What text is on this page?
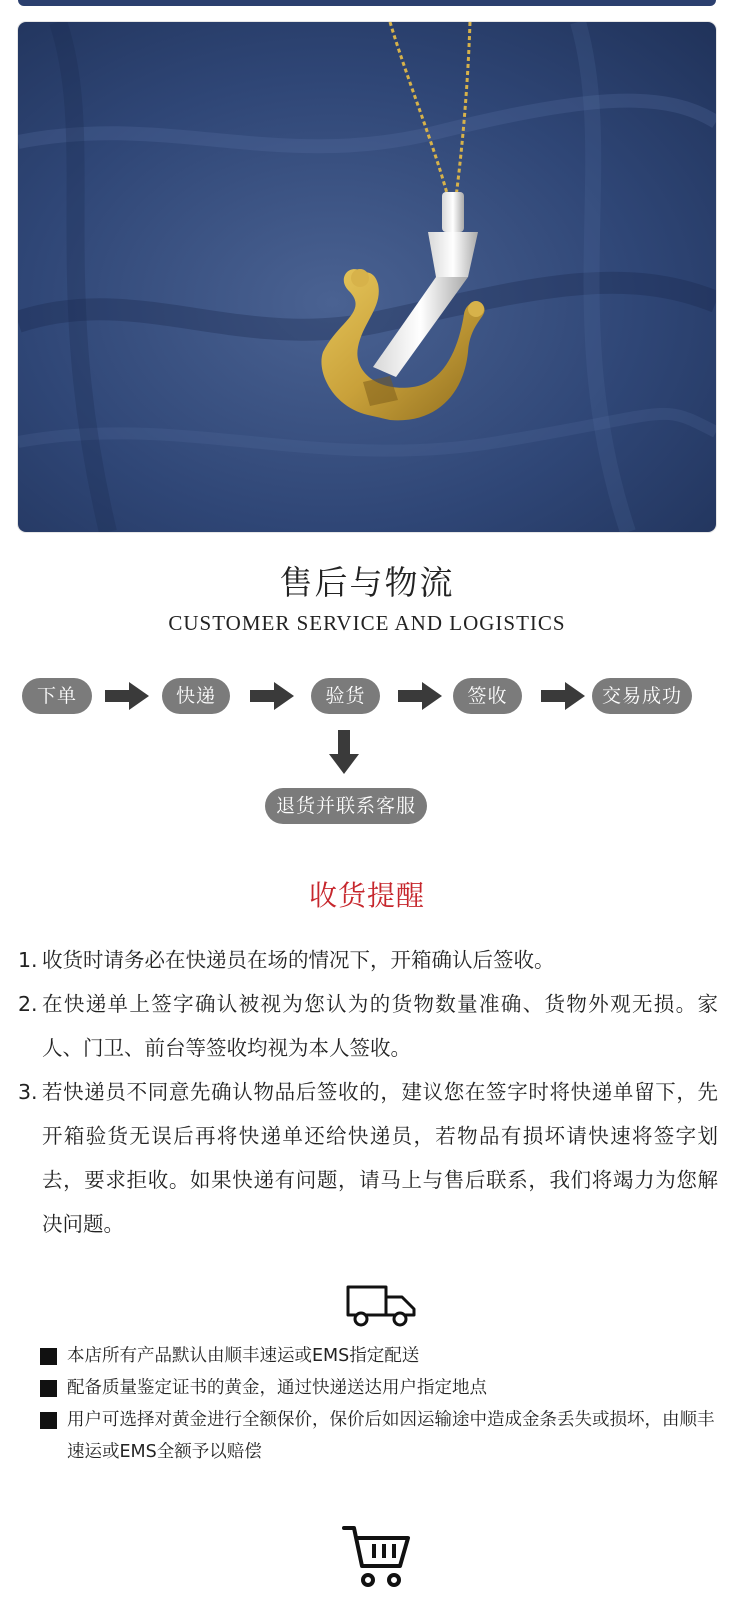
售后与物流
CUSTOMER SERVICE AND LOGISTICS
下单	快递	验货	签收	交易成功
退货并联系客服
收货提醒
1. 收货时请务必在快递员在场的情况下，开箱确认后签收。
2. 在快递单上签字确认被视为您认为的货物数量准确、货物外观无损。家人、门卫、前台等签收均视为本人签收。
3. 若快递员不同意先确认物品后签收的，建议您在签字时将快递单留下，先开箱验货无误后再将快递单还给快递员，若物品有损坏请快速将签字划去，要求拒收。如果快递有问题，请马上与售后联系，我们将竭力为您解决问题。
本店所有产品默认由顺丰速运或EMS指定配送
配备质量鉴定证书的黄金，通过快递送达用户指定地点
用户可选择对黄金进行全额保价，保价后如因运输途中造成金条丢失或损坏，由顺丰速运或EMS全额予以赔偿
